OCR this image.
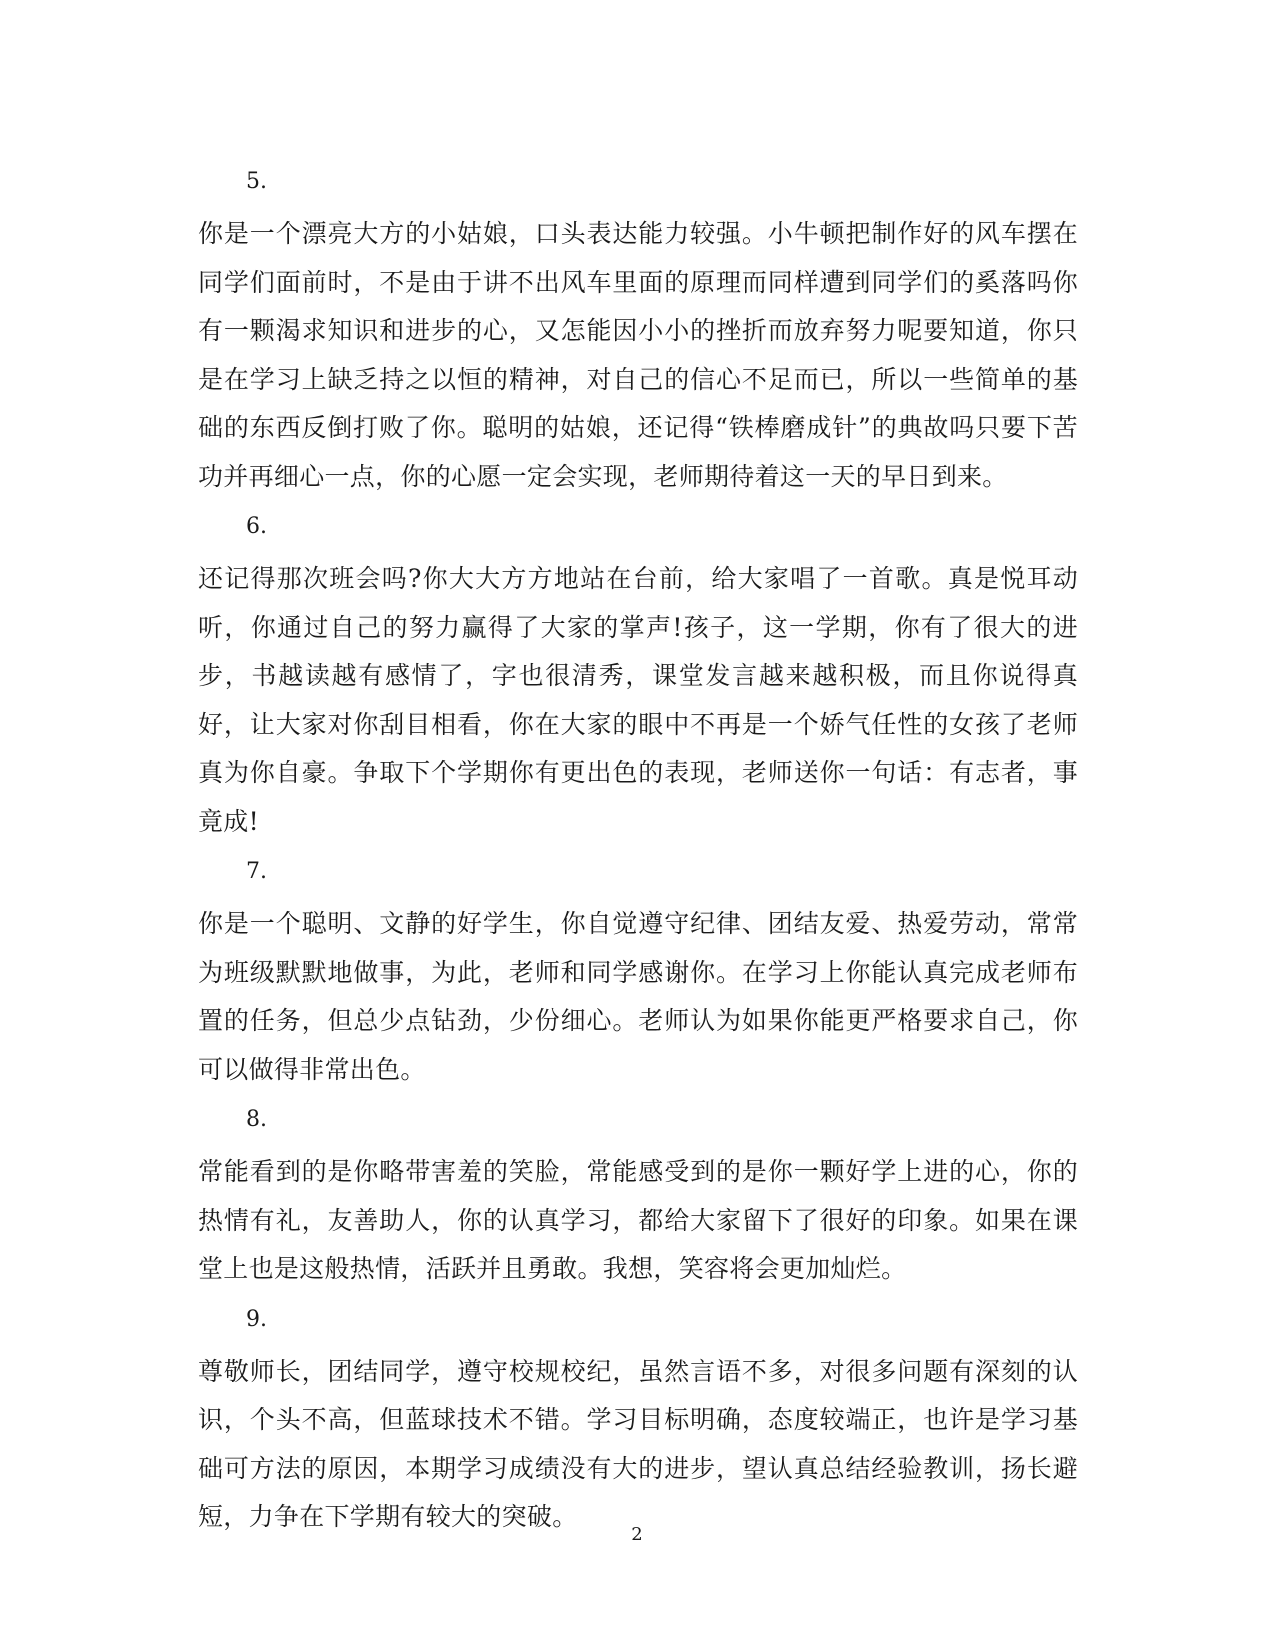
5.

你是一个漂亮大方的小姑娘，口头表达能力较强。小牛顿把制作好的风车摆在同学们面前时，不是由于讲不出风车里面的原理而同样遭到同学们的奚落吗你有一颗渴求知识和进步的心，又怎能因小小的挫折而放弃努力呢要知道，你只是在学习上缺乏持之以恒的精神，对自己的信心不足而已，所以一些简单的基础的东西反倒打败了你。聪明的姑娘，还记得“铁棒磨成针”的典故吗只要下苦功并再细心一点，你的心愿一定会实现，老师期待着这一天的早日到来。

6.

还记得那次班会吗?你大大方方地站在台前，给大家唱了一首歌。真是悦耳动听，你通过自己的努力赢得了大家的掌声!孩子，这一学期，你有了很大的进步，书越读越有感情了，字也很清秀，课堂发言越来越积极，而且你说得真好，让大家对你刮目相看，你在大家的眼中不再是一个娇气任性的女孩了老师真为你自豪。争取下个学期你有更出色的表现，老师送你一句话：有志者，事竟成!

7.

你是一个聪明、文静的好学生，你自觉遵守纪律、团结友爱、热爱劳动，常常为班级默默地做事，为此，老师和同学感谢你。在学习上你能认真完成老师布置的任务，但总少点钻劲，少份细心。老师认为如果你能更严格要求自己，你可以做得非常出色。

8.

常能看到的是你略带害羞的笑脸，常能感受到的是你一颗好学上进的心，你的热情有礼，友善助人，你的认真学习，都给大家留下了很好的印象。如果在课堂上也是这般热情，活跃并且勇敢。我想，笑容将会更加灿烂。

9.

尊敬师长，团结同学，遵守校规校纪，虽然言语不多，对很多问题有深刻的认识，个头不高，但蓝球技术不错。学习目标明确，态度较端正，也许是学习基础可方法的原因，本期学习成绩没有大的进步，望认真总结经验教训，扬长避短，力争在下学期有较大的突破。

2
